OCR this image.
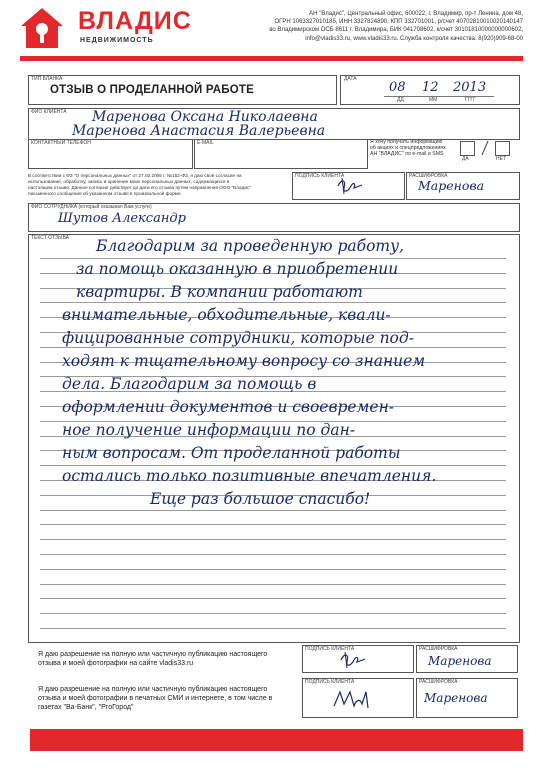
ВЛАДИС
НЕДВИЖИМОСТЬ
АН "Владис", Центральный офис, 600022, г. Владимир, пр-т Ленина, дом 48,
ОГРН 1063327010185, ИНН 3327824890, КПП 332701001, р/счет 40702810010020140147
во Владимирском ОСБ 8611 г. Владимира, БИК 041708602, к/счет 30101810000000000602,
info@vladis33.ru, www.vladis33.ru. Служба контроля качества: 8(920)909-68-00
ТИП БЛАНКА
ОТЗЫВ О ПРОДЕЛАННОЙ РАБОТЕ
ДАТА
08 12 2013
ДД	ММ	ГГГГ
ФИО КЛИЕНТА Маренова Оксана Николаевна
Маренова Анастасия Валерьевна
КОНТАКТНЫЙ ТЕЛЕФОН	E-MAIL	Я хочу получать информацию
об акциях и спецпредложениях
АН "ВЛАДИС" по e-mail и SMS
ДА	НЕТ
В соответствии с ФЗ "О персональных данных" от 27.02.2006 г. №152-ФЗ, я даю своё согласие на
использование, обработку, запись и хранение моих персональных данных, содержащихся в
настоящем отзыве. Данное согласие действует до дати его отзыва путем направления ООО "Владис"
письменного сообщения об указанном отзыве в произвольной форме.
ПОДПИСЬ КЛИЕНТА	РАСШИФРОВКА
Маренова
ФИО СОТРУДНИКА (который оказывал Вам услуги)
Шутов Александр
ТЕКСТ ОТЗЫВА Благодарим за проведенную работу,
за помощь оказанную в приобретении
квартиры. В компании работают
внимательные, обходительные, квали-
фицированные сотрудники, которые под-
ходят к тщательному вопросу со знанием
дела. Благодарим за помощь в
оформлении документов и своевремен-
ное получение информации по дан-
ным вопросам. От проделанной работы
остались только позитивные впечатления.
Еще раз большое спасибо!
Я даю разрешение на полную или частичную публикацию настоящего
отзыва и моей фотографии на сайте vladis33.ru
ПОДПИСЬ КЛИЕНТА	РАСШИФРОВКА
Маренова
Я даю разрешение на полную или частичную публикацию настоящего
отзыва и моей фотографии в печатных СМИ и интернете, в том числе в
газетах "Ва-Банк", "РгоГород"
ПОДПИСЬ КЛИЕНТА	РАСШИФРОВКА
Маренова
